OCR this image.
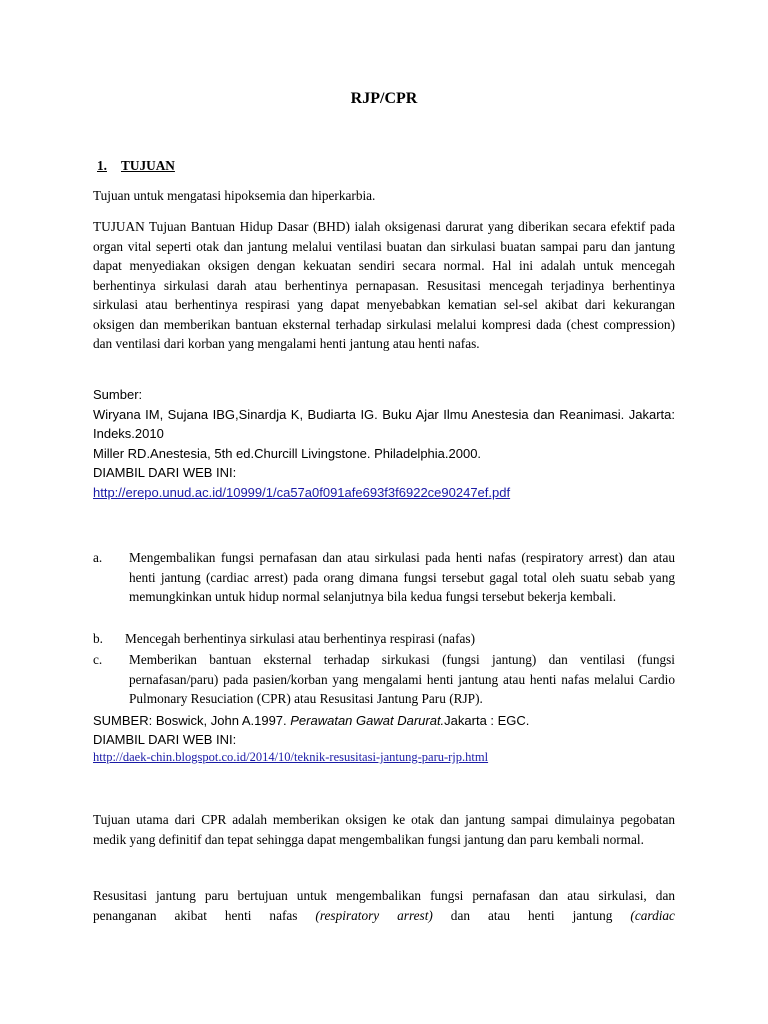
RJP/CPR
1. TUJUAN

Tujuan untuk mengatasi hipoksemia dan hiperkarbia.

TUJUAN Tujuan Bantuan Hidup Dasar (BHD) ialah oksigenasi darurat yang diberikan secara efektif pada organ vital seperti otak dan jantung melalui ventilasi buatan dan sirkulasi buatan sampai paru dan jantung dapat menyediakan oksigen dengan kekuatan sendiri secara normal. Hal ini adalah untuk mencegah berhentinya sirkulasi darah atau berhentinya pernapasan. Resusitasi mencegah terjadinya berhentinya sirkulasi atau berhentinya respirasi yang dapat menyebabkan kematian sel-sel akibat dari kekurangan oksigen dan memberikan bantuan eksternal terhadap sirkulasi melalui kompresi dada (chest compression) dan ventilasi dari korban yang mengalami henti jantung atau henti nafas.

Sumber:

Wiryana IM, Sujana IBG,Sinardja K, Budiarta IG. Buku Ajar Ilmu Anestesia dan Reanimasi. Jakarta: Indeks.2010

Miller RD.Anestesia, 5th ed.Churcill Livingstone. Philadelphia.2000.

DIAMBIL DARI WEB INI:

http://erepo.unud.ac.id/10999/1/ca57a0f091afe693f3f6922ce90247ef.pdf

a. Mengembalikan fungsi pernafasan dan atau sirkulasi pada henti nafas (respiratory arrest) dan atau henti jantung (cardiac arrest) pada orang dimana fungsi tersebut gagal total oleh suatu sebab yang memungkinkan untuk hidup normal selanjutnya bila kedua fungsi tersebut bekerja kembali.
b. Mencegah berhentinya sirkulasi atau berhentinya respirasi (nafas)
c. Memberikan bantuan eksternal terhadap sirkukasi (fungsi jantung) dan ventilasi (fungsi pernafasan/paru) pada pasien/korban yang mengalami henti jantung atau henti nafas melalui Cardio Pulmonary Resuciation (CPR) atau Resusitasi Jantung Paru (RJP).

SUMBER: Boswick, John A.1997. Perawatan Gawat Darurat.Jakarta : EGC.

DIAMBIL DARI WEB INI:

http://daek-chin.blogspot.co.id/2014/10/teknik-resusitasi-jantung-paru-rjp.html

Tujuan utama dari CPR adalah memberikan oksigen ke otak dan jantung sampai dimulainya pegobatan medik yang definitif dan tepat sehingga dapat mengembalikan fungsi jantung dan paru kembali normal.

Resusitasi jantung paru bertujuan untuk mengembalikan fungsi pernafasan dan atau sirkulasi, dan penanganan akibat henti nafas (respiratory arrest) dan atau henti jantung (cardiac
